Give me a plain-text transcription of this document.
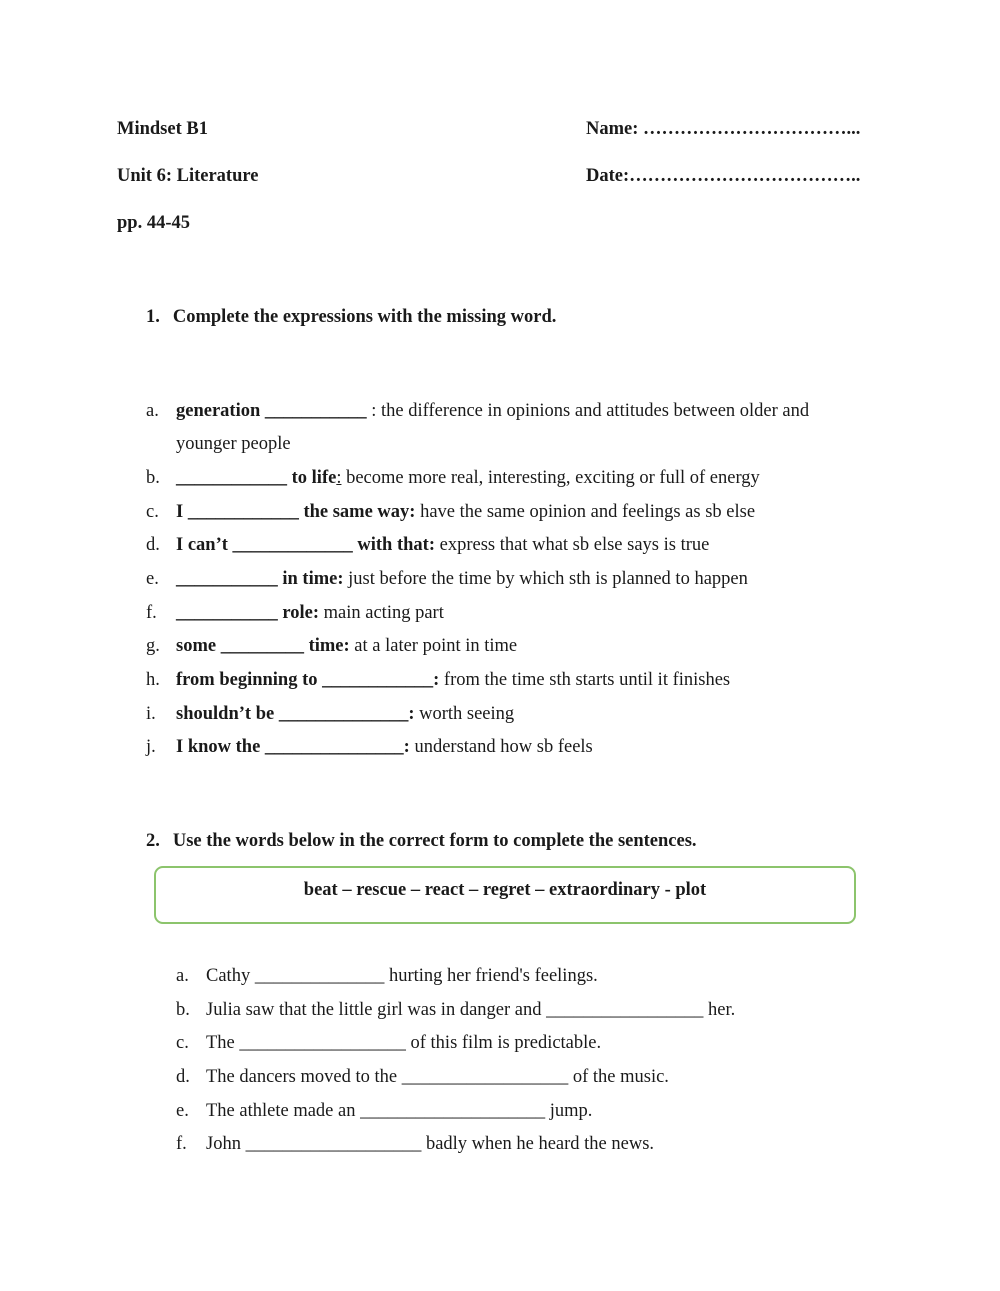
Mindset B1	Name: ……………………………...
Unit 6: Literature	Date:………………………………..
pp. 44-45
1. Complete the expressions with the missing word.
a. generation ___________ : the difference in opinions and attitudes between older and
younger people
b. ____________ to life: become more real, interesting, exciting or full of energy
c. I ____________ the same way: have the same opinion and feelings as sb else
d. I can’t _____________ with that: express that what sb else says is true
e. ___________ in time: just before the time by which sth is planned to happen
f.	___________ role: main acting part
g. some _________ time: at a later point in time
h. from beginning to ____________: from the time sth starts until it finishes
i.	shouldn’t be ______________: worth seeing
j.	I know the _______________: understand how sb feels
2. Use the words below in the correct form to complete the sentences.
beat – rescue – react – regret – extraordinary - plot
a. Cathy ______________ hurting her friend's feelings.
b. Julia saw that the little girl was in danger and _________________ her.
c. The __________________ of this film is predictable.
d. The dancers moved to the __________________ of the music.
e. The athlete made an ____________________ jump.
f.	John ___________________ badly when he heard the news.
